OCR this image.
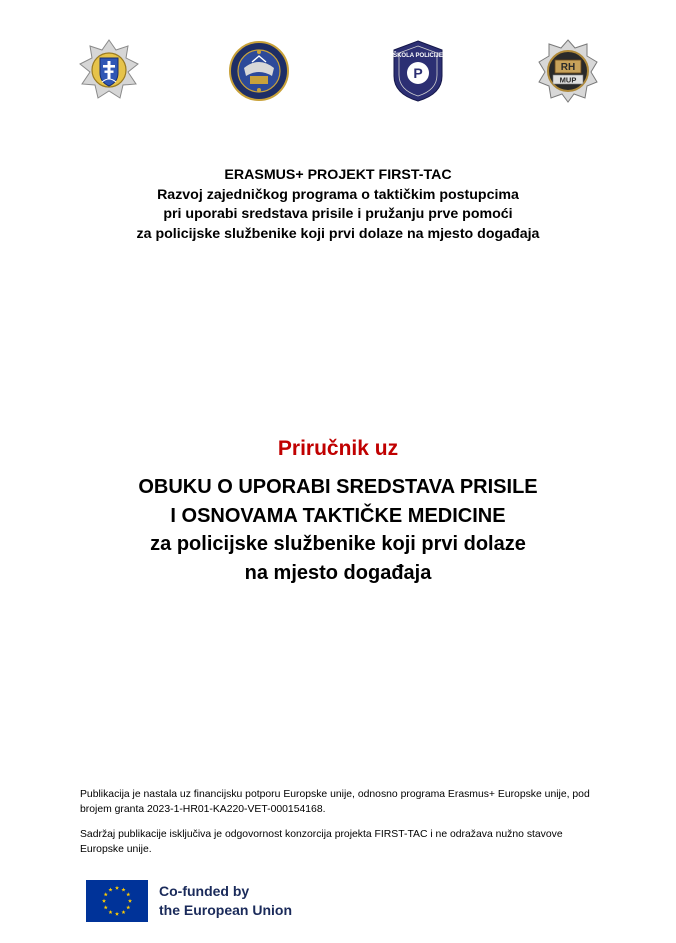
P
ŠKOLA POLICIJE
RH
MUP
ERASMUS+ PROJEKT FIRST-TAC
Razvoj zajedničkog programa o taktičkim postupcima
pri uporabi sredstava prisile i pružanju prve pomoći
za policijske službenike koji prvi dolaze na mjesto događaja
Priručnik uz
OBUKU O UPORABI SREDSTAVA PRISILE
I OSNOVAMA TAKTIČKE MEDICINE
za policijske službenike koji prvi dolaze
na mjesto događaja

Publikacija je nastala uz financijsku potporu Europske unije, odnosno programa Erasmus+ Europske unije, pod brojem granta 2023-1-HR01-KA220-VET-000154168.

Sadržaj publikacije isključiva je odgovornost konzorcija projekta FIRST-TAC i ne odražava nužno stavove Europske unije.

Co-funded by
the European Union
